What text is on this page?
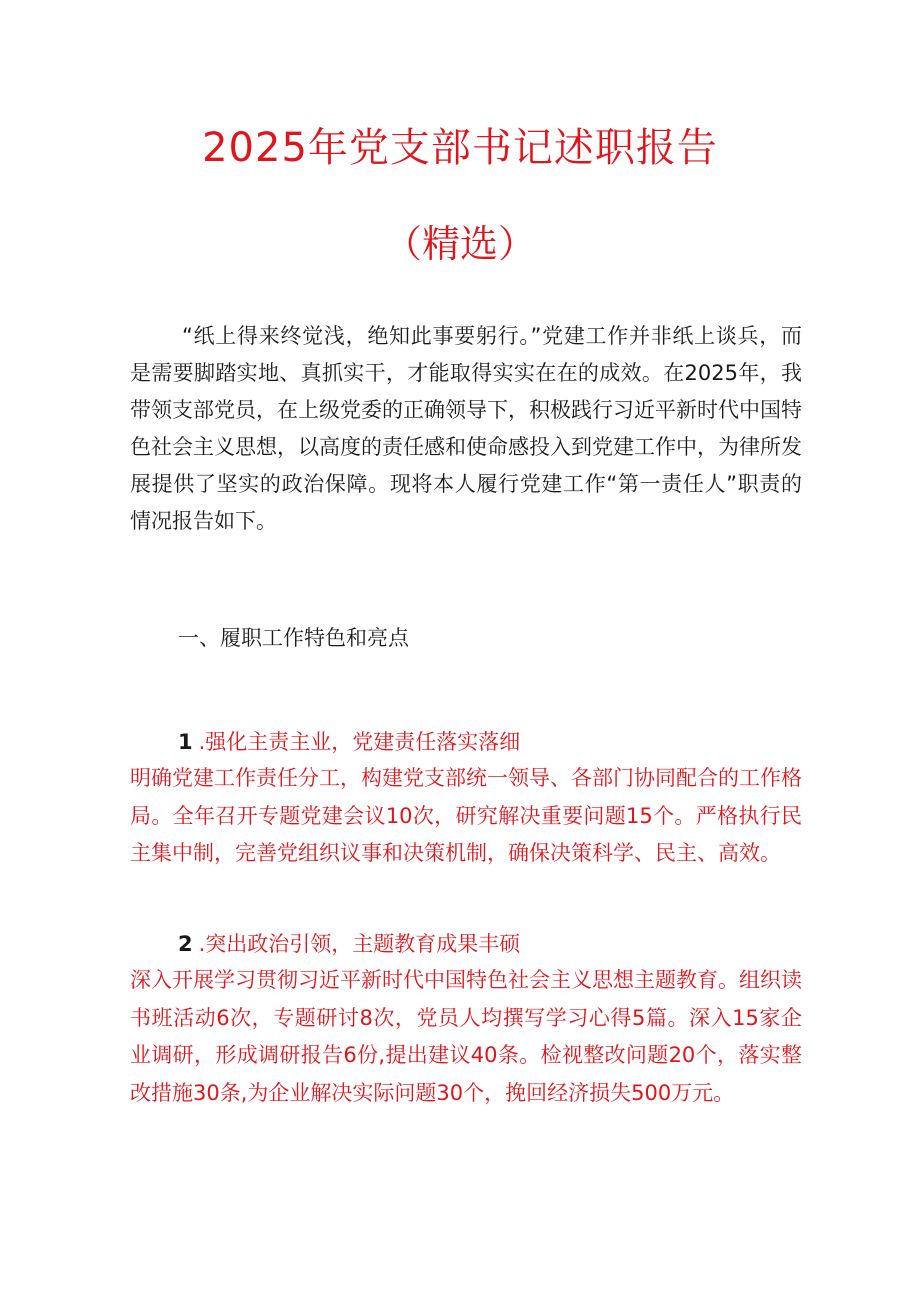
2025年党支部书记述职报告
（精选）

“纸上得来终觉浅，绝知此事要躬行。”党建工作并非纸上谈兵，而是需要脚踏实地、真抓实干，才能取得实实在在的成效。在2025年，我带领支部党员，在上级党委的正确领导下，积极践行习近平新时代中国特色社会主义思想，以高度的责任感和使命感投入到党建工作中，为律所发展提供了坚实的政治保障。现将本人履行党建工作“第一责任人”职责的情况报告如下。

一、履职工作特色和亮点
1 .强化主责主业，党建责任落实落细

明确党建工作责任分工，构建党支部统一领导、各部门协同配合的工作格局。全年召开专题党建会议10次，研究解决重要问题15个。严格执行民主集中制，完善党组织议事和决策机制，确保决策科学、民主、高效。

2 .突出政治引领，主题教育成果丰硕

深入开展学习贯彻习近平新时代中国特色社会主义思想主题教育。组织读书班活动6次，专题研讨8次，党员人均撰写学习心得5篇。深入15家企业调研，形成调研报告6份,提出建议40条。检视整改问题20个，落实整改措施30条,为企业解决实际问题30个，挽回经济损失500万元。
